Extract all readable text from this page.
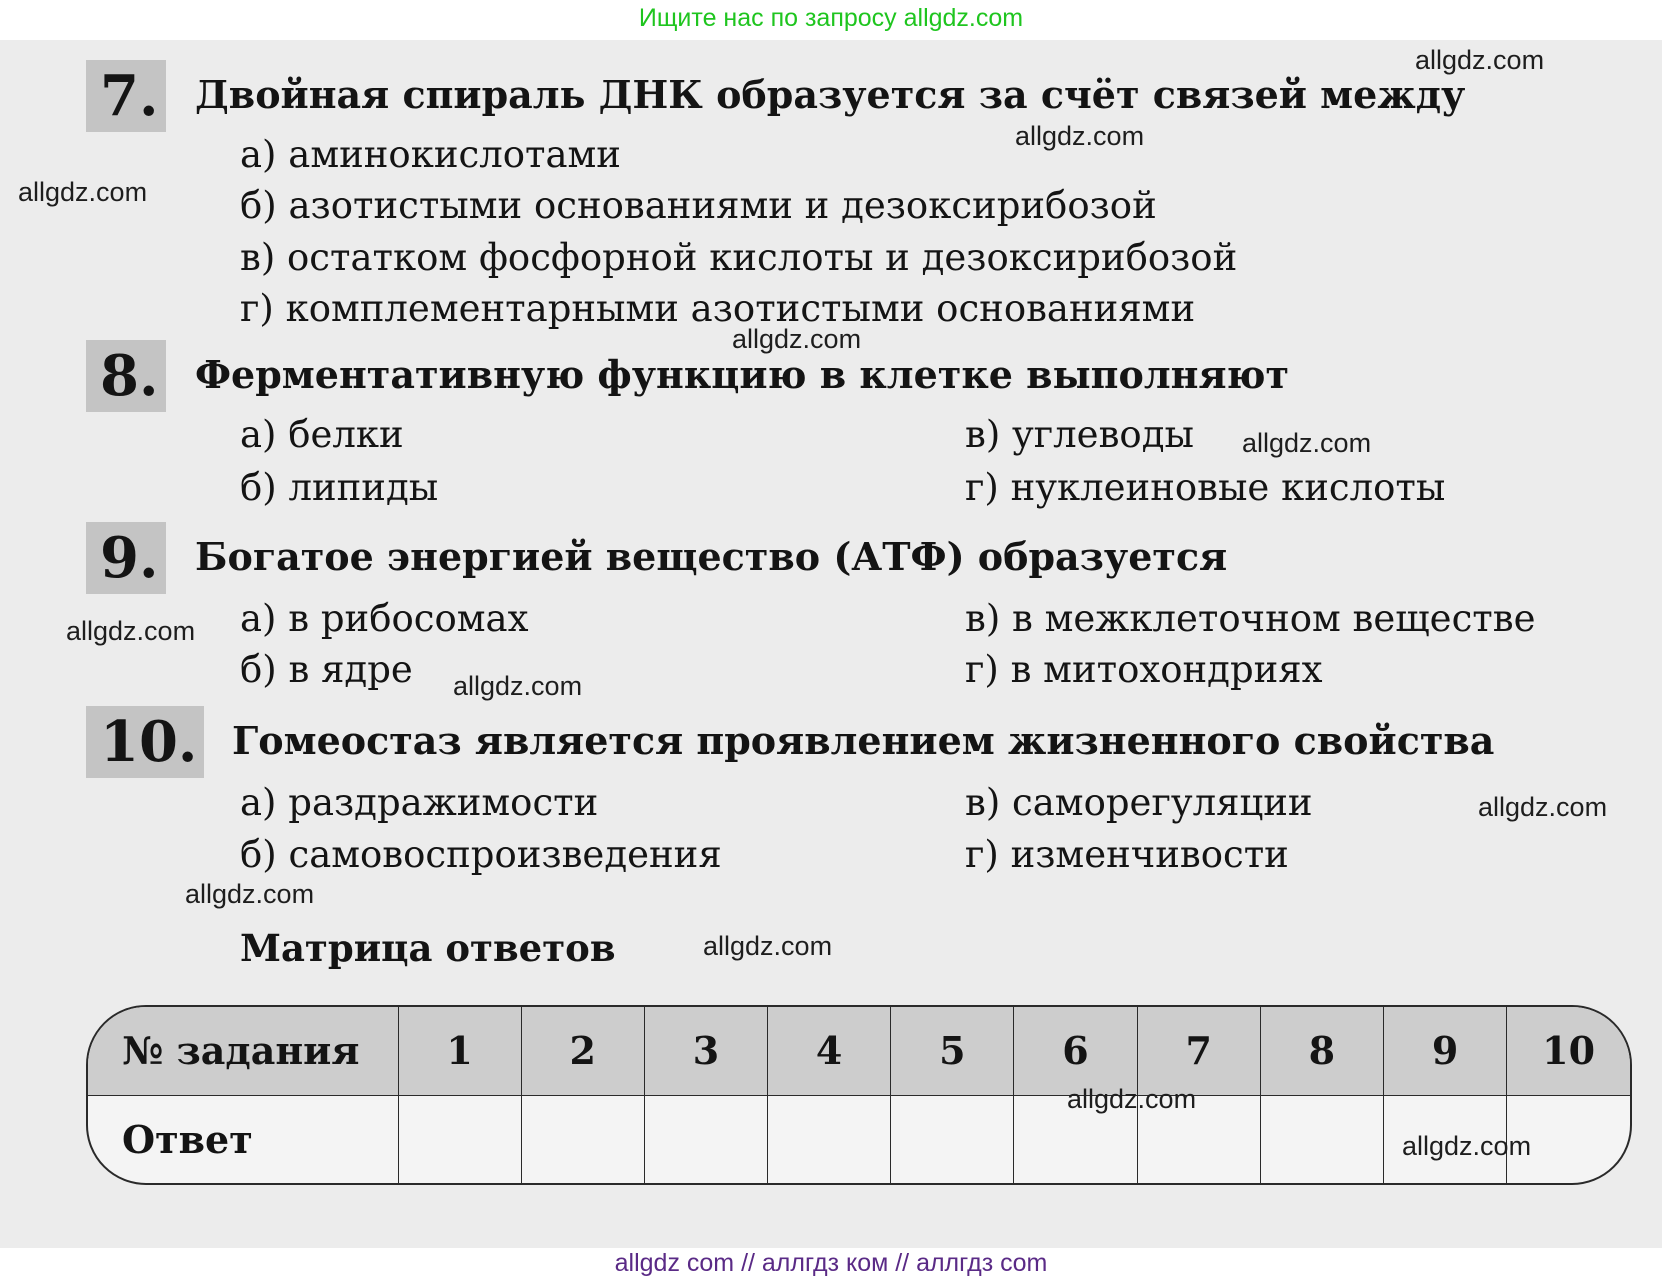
Ищите нас по запросу allgdz.com
7. Двойная спираль ДНК образуется за счёт связей между
а) аминокислотами
б) азотистыми основаниями и дезоксирибозой
в) остатком фосфорной кислоты и дезоксирибозой
г) комплементарными азотистыми основаниями
8. Ферментативную функцию в клетке выполняют
а) белки
б) липиды
в) углеводы
г) нуклеиновые кислоты
9. Богатое энергией вещество (АТФ) образуется
а) в рибосомах
б) в ядре
в) в межклеточном веществе
г) в митохондриях
10. Гомеостаз является проявлением жизненного свойства
а) раздражимости
б) самовоспроизведения
в) саморегуляции
г) изменчивости
Матрица ответов
№ задания	1	2	3	4	5	6	7	8	9	10
Ответ										
allgdz.com
allgdz.com
allgdz.com
allgdz.com
allgdz.com
allgdz.com
allgdz.com
allgdz.com
allgdz.com
allgdz.com
allgdz.com
allgdz.com
allgdz com // аллгдз ком // аллгдз com
